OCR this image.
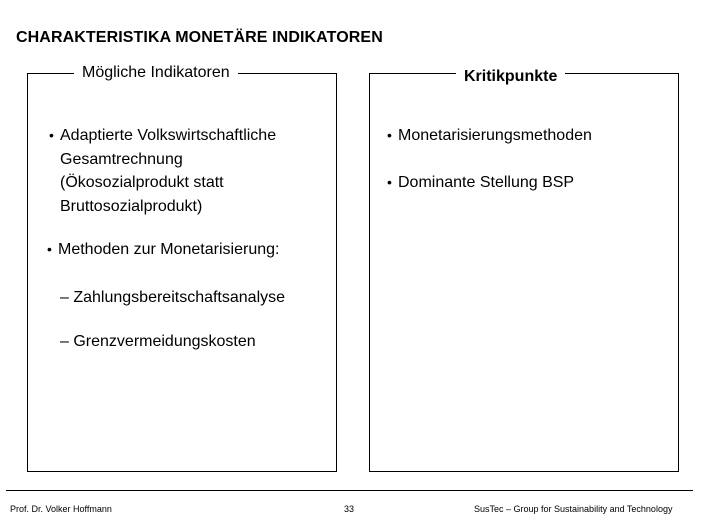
CHARAKTERISTIKA MONETÄRE INDIKATOREN
Mögliche Indikatoren
• Adaptierte Volkswirtschaftliche
Gesamtrechnung
(Ökosozialprodukt statt
Bruttosozialprodukt)
• Methoden zur Monetarisierung:
– Zahlungsbereitschaftsanalyse
– Grenzvermeidungskosten
Kritikpunkte
• Monetarisierungsmethoden
• Dominante Stellung BSP
Prof. Dr. Volker Hoffmann	33	SusTec – Group for Sustainability and Technology
